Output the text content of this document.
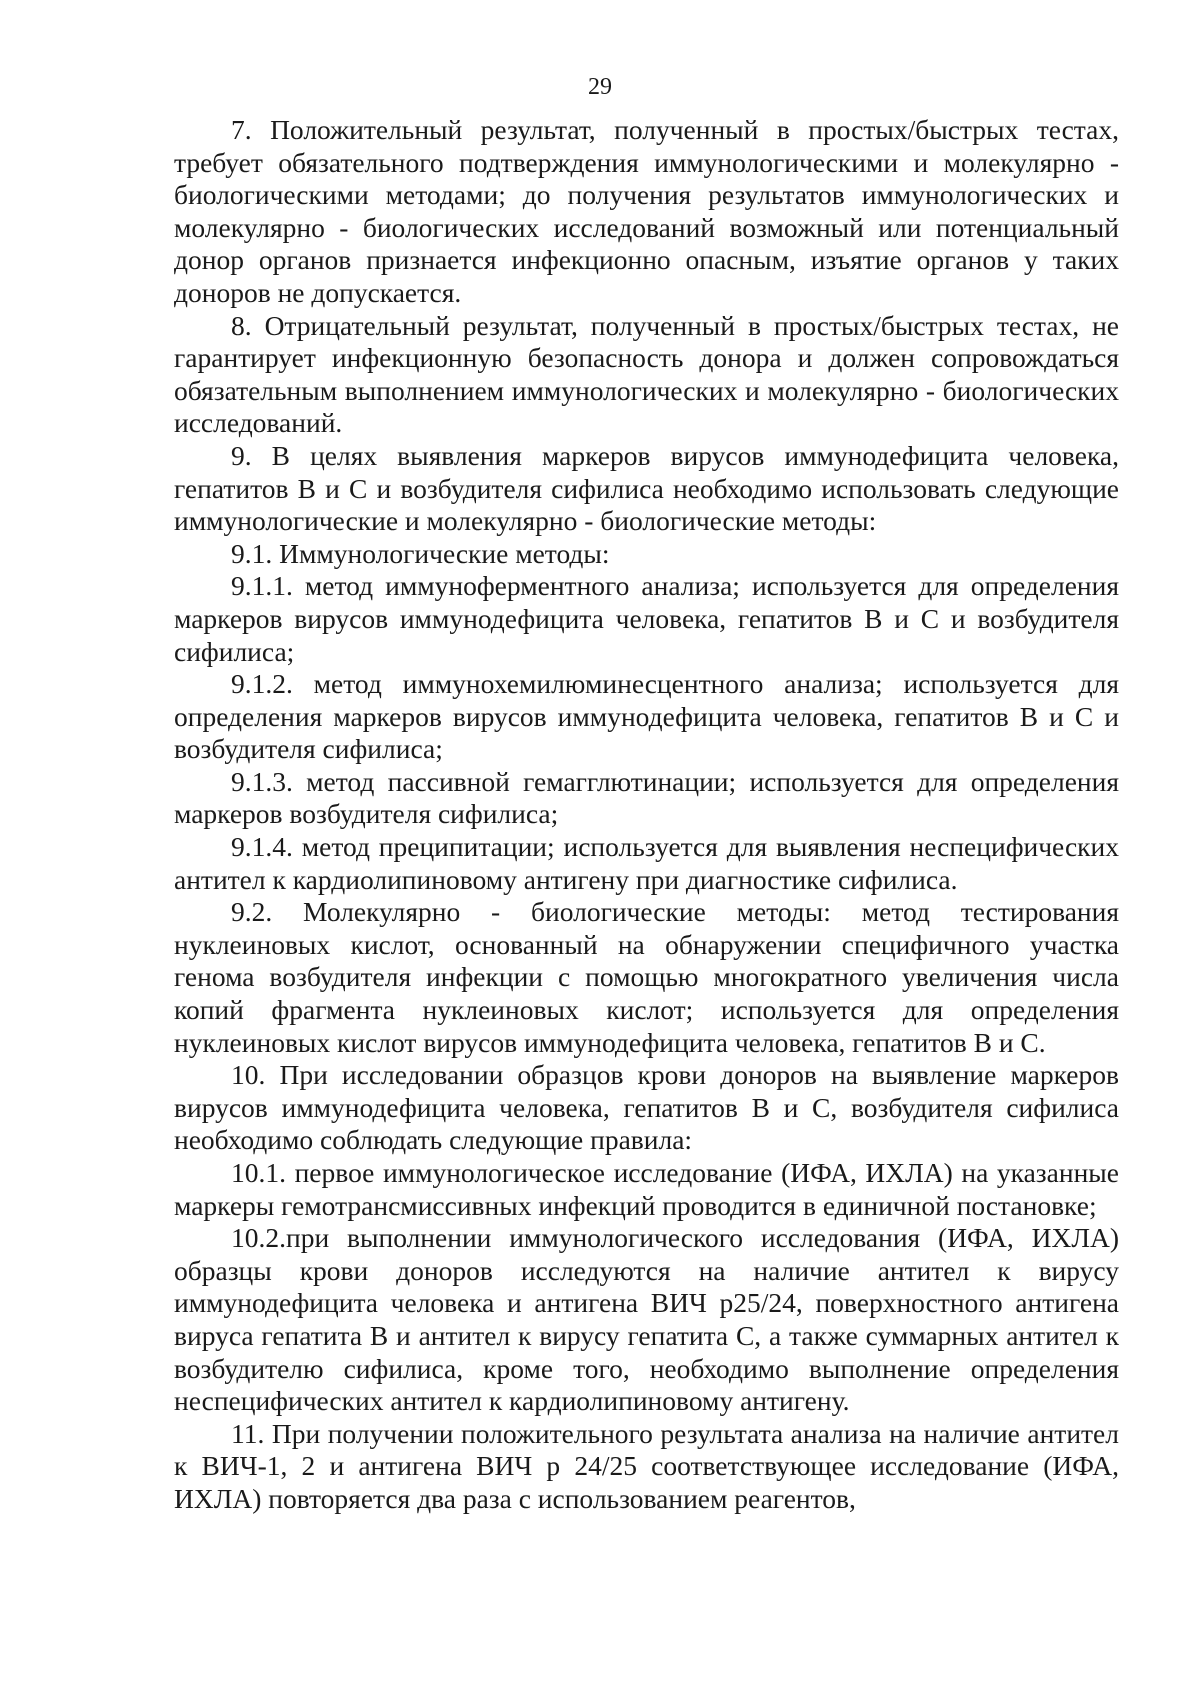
29

7. Положительный результат, полученный в простых/быстрых тестах, требует обязательного подтверждения иммунологическими и молекулярно - биологическими методами; до получения результатов иммунологических и молекулярно - биологических исследований возможный или потенциальный донор органов признается инфекционно опасным, изъятие органов у таких доноров не допускается.

8. Отрицательный результат, полученный в простых/быстрых тестах, не гарантирует инфекционную безопасность донора и должен сопровождаться обязательным выполнением иммунологических и молекулярно - биологических исследований.

9. В целях выявления маркеров вирусов иммунодефицита человека, гепатитов В и С и возбудителя сифилиса необходимо использовать следующие иммунологические и молекулярно - биологические методы:

9.1. Иммунологические методы:

9.1.1. метод иммуноферментного анализа; используется для определения маркеров вирусов иммунодефицита человека, гепатитов В и С и возбудителя сифилиса;

9.1.2. метод иммунохемилюминесцентного анализа; используется для определения маркеров вирусов иммунодефицита человека, гепатитов В и С и возбудителя сифилиса;

9.1.3. метод пассивной гемагглютинации; используется для определения маркеров возбудителя сифилиса;

9.1.4. метод преципитации; используется для выявления неспецифических антител к кардиолипиновому антигену при диагностике сифилиса.

9.2. Молекулярно - биологические методы: метод тестирования нуклеиновых кислот, основанный на обнаружении специфичного участка генома возбудителя инфекции с помощью многократного увеличения числа копий фрагмента нуклеиновых кислот; используется для определения нуклеиновых кислот вирусов иммунодефицита человека, гепатитов В и С.

10. При исследовании образцов крови доноров на выявление маркеров вирусов иммунодефицита человека, гепатитов В и С, возбудителя сифилиса необходимо соблюдать следующие правила:

10.1. первое иммунологическое исследование (ИФА, ИХЛА) на указанные маркеры гемотрансмиссивных инфекций проводится в единичной постановке;

10.2.при выполнении иммунологического исследования (ИФА, ИХЛА) образцы крови доноров исследуются на наличие антител к вирусу иммунодефицита человека и антигена ВИЧ p25/24, поверхностного антигена вируса гепатита В и антител к вирусу гепатита С, а также суммарных антител к возбудителю сифилиса, кроме того, необходимо выполнение определения неспецифических антител к кардиолипиновому антигену.

11. При получении положительного результата анализа на наличие антител к ВИЧ-1, 2 и антигена ВИЧ p 24/25 соответствующее исследование (ИФА, ИХЛА) повторяется два раза с использованием реагентов,
